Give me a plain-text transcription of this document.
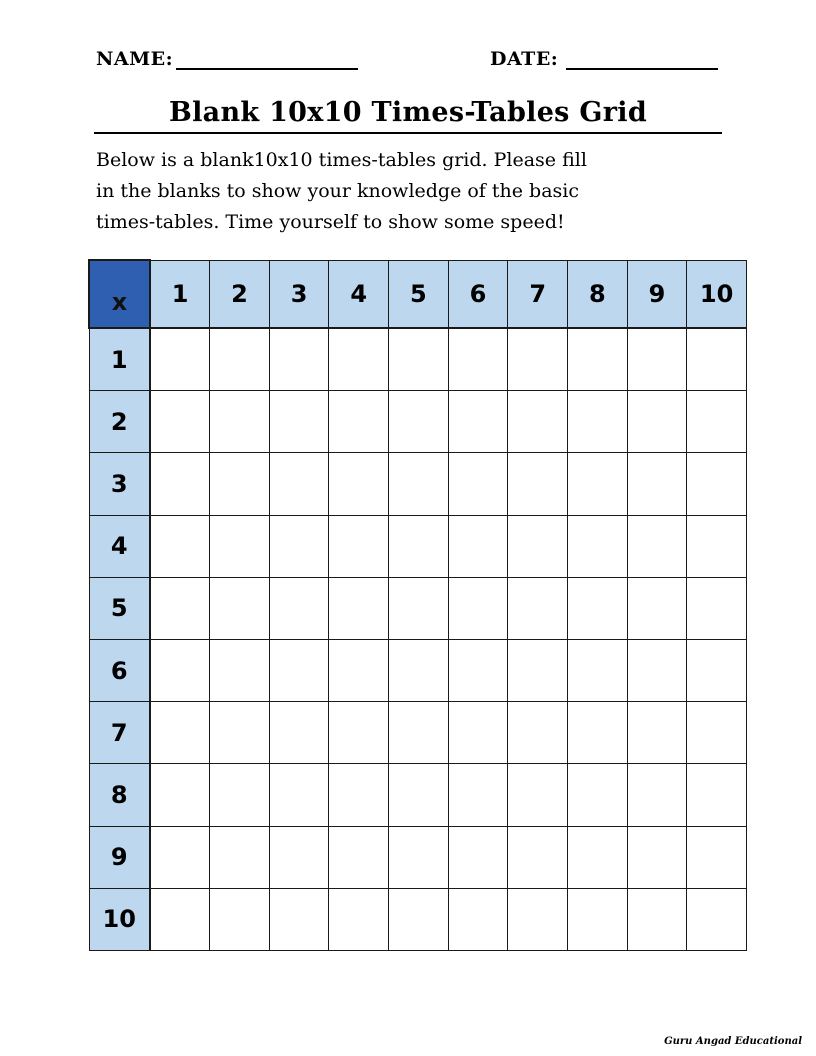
NAME:	DATE:
Blank 10x10 Times-Tables Grid

Below is a blank10x10 times-tables grid. Please fill
in the blanks to show your knowledge of the basic
times-tables. Time yourself to show some speed!

x	1	2	3	4	5	6	7	8	9	10
1										
2										
3										
4										
5										
6										
7										
8										
9										
10										
Guru Angad Educational
